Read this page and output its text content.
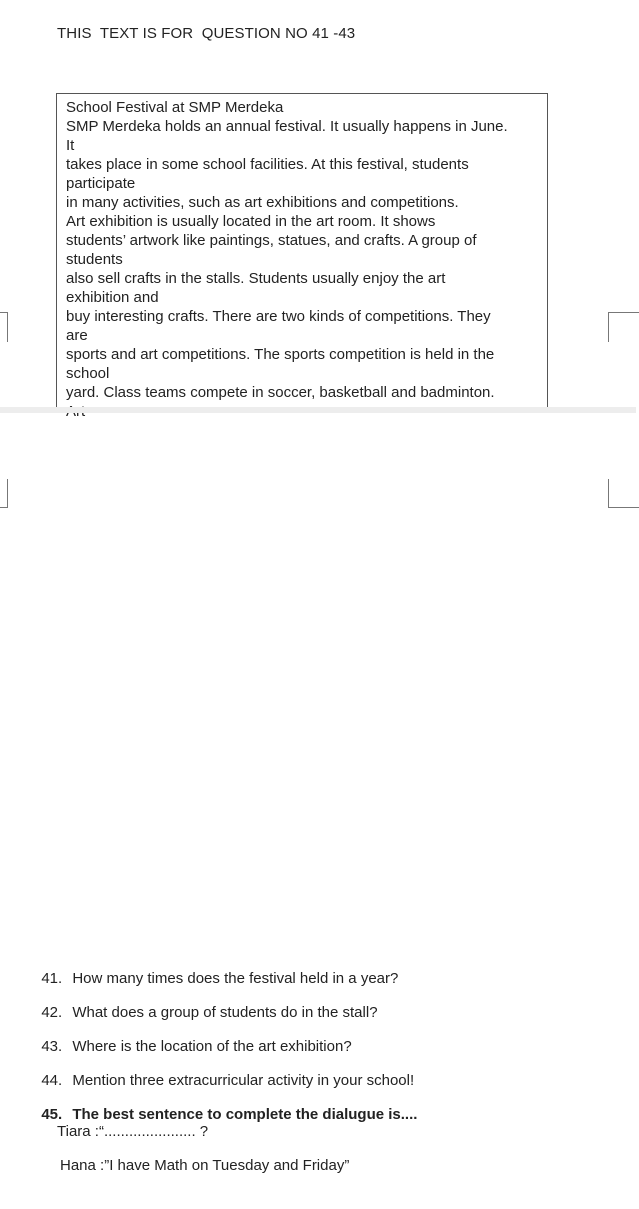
THIS  TEXT IS FOR  QUESTION NO 41 -43
School Festival at SMP Merdeka
SMP Merdeka holds an annual festival. It usually happens in June.
It
takes place in some school facilities. At this festival, students
participate
in many activities, such as art exhibitions and competitions.
Art exhibition is usually located in the art room. It shows
students’ artwork like paintings, statues, and crafts. A group of
students
also sell crafts in the stalls. Students usually enjoy the art
exhibition and
buy interesting crafts. There are two kinds of competitions. They
are
sports and art competitions. The sports competition is held in the
school
yard. Class teams compete in soccer, basketball and badminton.

41. How many times does the festival held in a year?

42. What does a group of students do in the stall?

43. Where is the location of the art exhibition?

44. Mention three extracurricular activity in your school!

45. The best sentence to complete the dialugue is....

Tiara :“...................... ?
Hana :”I have Math on Tuesday and Friday”
